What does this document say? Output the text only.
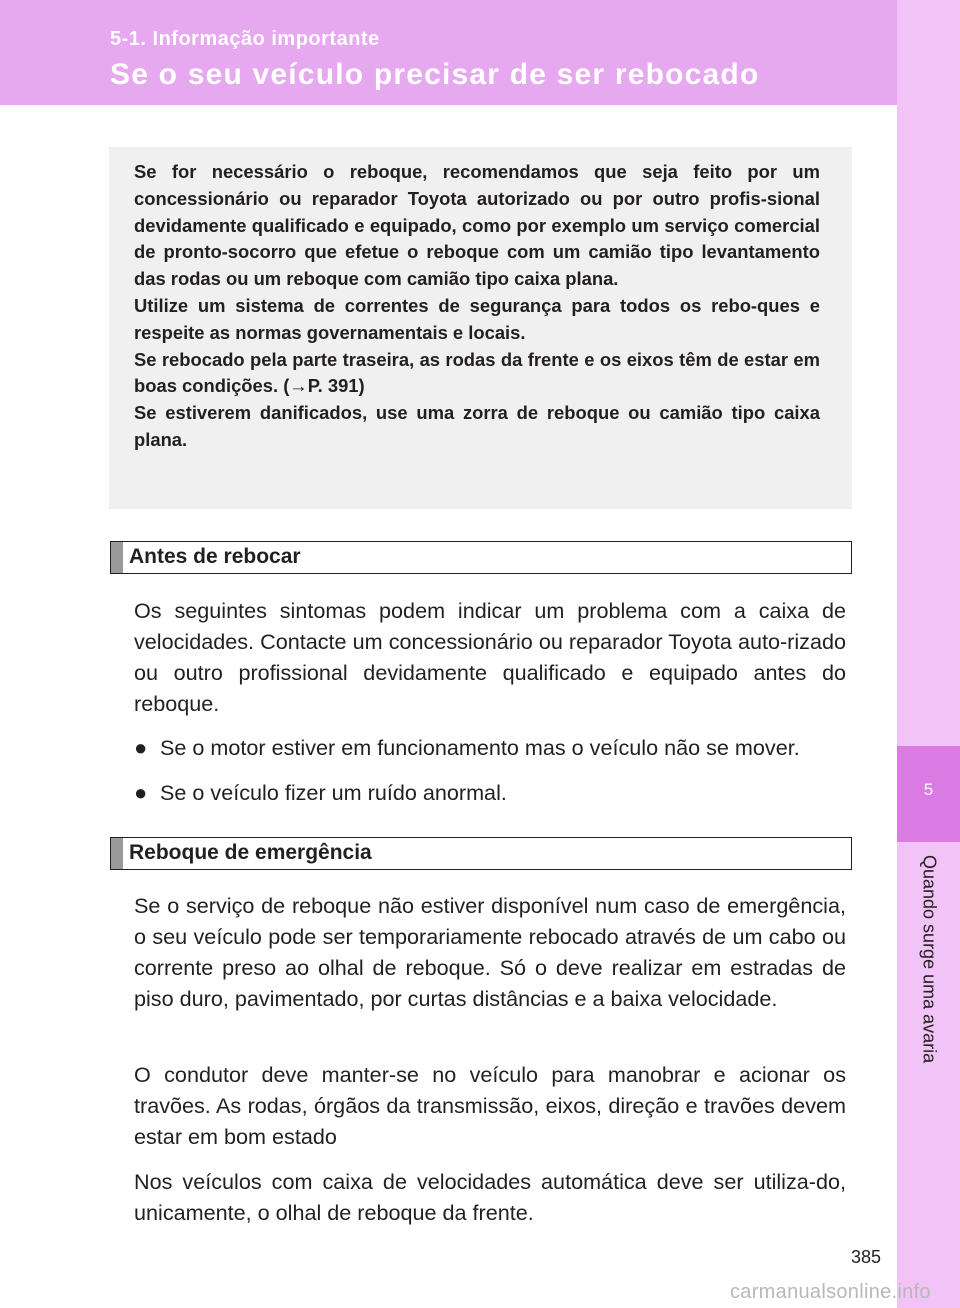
5-1. Informação importante
Se o seu veículo precisar de ser rebocado
5
Quando surge uma avaria

Se for necessário o reboque, recomendamos que seja feito por um concessionário ou reparador Toyota autorizado ou por outro profis-sional devidamente qualificado e equipado, como por exemplo um serviço comercial de pronto-socorro que efetue o reboque com um camião tipo levantamento das rodas ou um reboque com camião tipo caixa plana.

Utilize um sistema de correntes de segurança para todos os rebo-ques e respeite as normas governamentais e locais.

Se rebocado pela parte traseira, as rodas da frente e os eixos têm de estar em boas condições. (→P. 391)

Se estiverem danificados, use uma zorra de reboque ou camião tipo caixa plana.

Antes de rebocar
Os seguintes sintomas podem indicar um problema com a caixa de velocidades. Contacte um concessionário ou reparador Toyota auto-rizado ou outro profissional devidamente qualificado e equipado antes do reboque.
● Se o motor estiver em funcionamento mas o veículo não se mover.
● Se o veículo fizer um ruído anormal.
Reboque de emergência
Se o serviço de reboque não estiver disponível num caso de emergência, o seu veículo pode ser temporariamente rebocado através de um cabo ou corrente preso ao olhal de reboque. Só o deve realizar em estradas de piso duro, pavimentado, por curtas distâncias e a baixa velocidade.
O condutor deve manter-se no veículo para manobrar e acionar os travões. As rodas, órgãos da transmissão, eixos, direção e travões devem estar em bom estado
Nos veículos com caixa de velocidades automática deve ser utiliza-do, unicamente, o olhal de reboque da frente.
385
carmanualsonline.info
